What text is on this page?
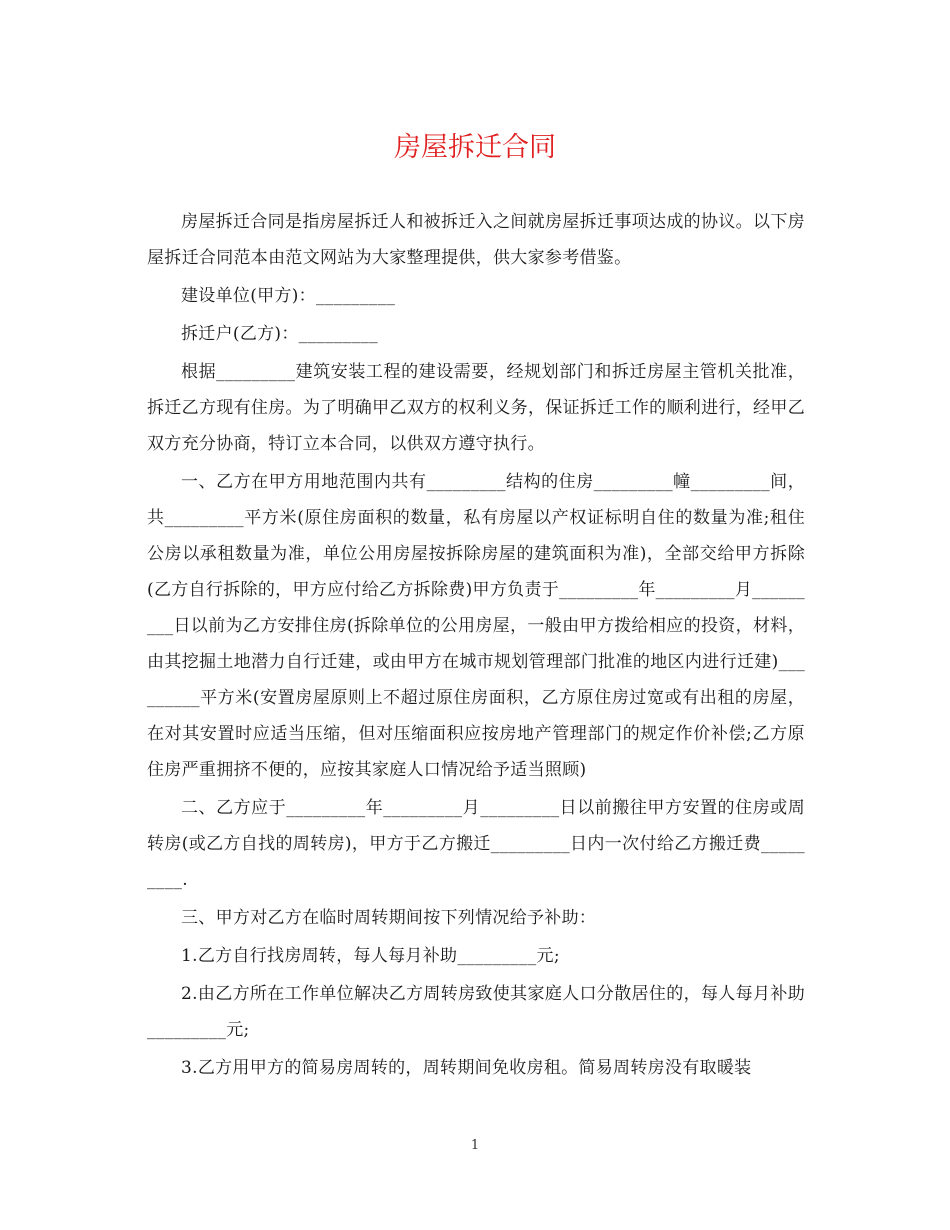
房屋拆迁合同

房屋拆迁合同是指房屋拆迁人和被拆迁入之间就房屋拆迁事项达成的协议。以下房屋拆迁合同范本由范文网站为大家整理提供，供大家参考借鉴。

建设单位(甲方)：_________

拆迁户(乙方)：_________

根据_________建筑安装工程的建设需要，经规划部门和拆迁房屋主管机关批准，拆迁乙方现有住房。为了明确甲乙双方的权利义务，保证拆迁工作的顺利进行，经甲乙双方充分协商，特订立本合同，以供双方遵守执行。

一、乙方在甲方用地范围内共有_________结构的住房_________幢_________间，共_________平方米(原住房面积的数量，私有房屋以产权证标明自住的数量为准;租住公房以承租数量为准，单位公用房屋按拆除房屋的建筑面积为准)，全部交给甲方拆除(乙方自行拆除的，甲方应付给乙方拆除费)甲方负责于_________年_________月_________日以前为乙方安排住房(拆除单位的公用房屋，一般由甲方拨给相应的投资，材料，由其挖掘土地潜力自行迁建，或由甲方在城市规划管理部门批准的地区内进行迁建)_________平方米(安置房屋原则上不超过原住房面积，乙方原住房过宽或有出租的房屋，在对其安置时应适当压缩，但对压缩面积应按房地产管理部门的规定作价补偿;乙方原住房严重拥挤不便的，应按其家庭人口情况给予适当照顾)

二、乙方应于_________年_________月_________日以前搬往甲方安置的住房或周转房(或乙方自找的周转房)，甲方于乙方搬迁_________日内一次付给乙方搬迁费_________.

三、甲方对乙方在临时周转期间按下列情况给予补助：

1.乙方自行找房周转，每人每月补助_________元;

2.由乙方所在工作单位解决乙方周转房致使其家庭人口分散居住的，每人每月补助_________元;

3.乙方用甲方的简易房周转的，周转期间免收房租。简易周转房没有取暖装

1
